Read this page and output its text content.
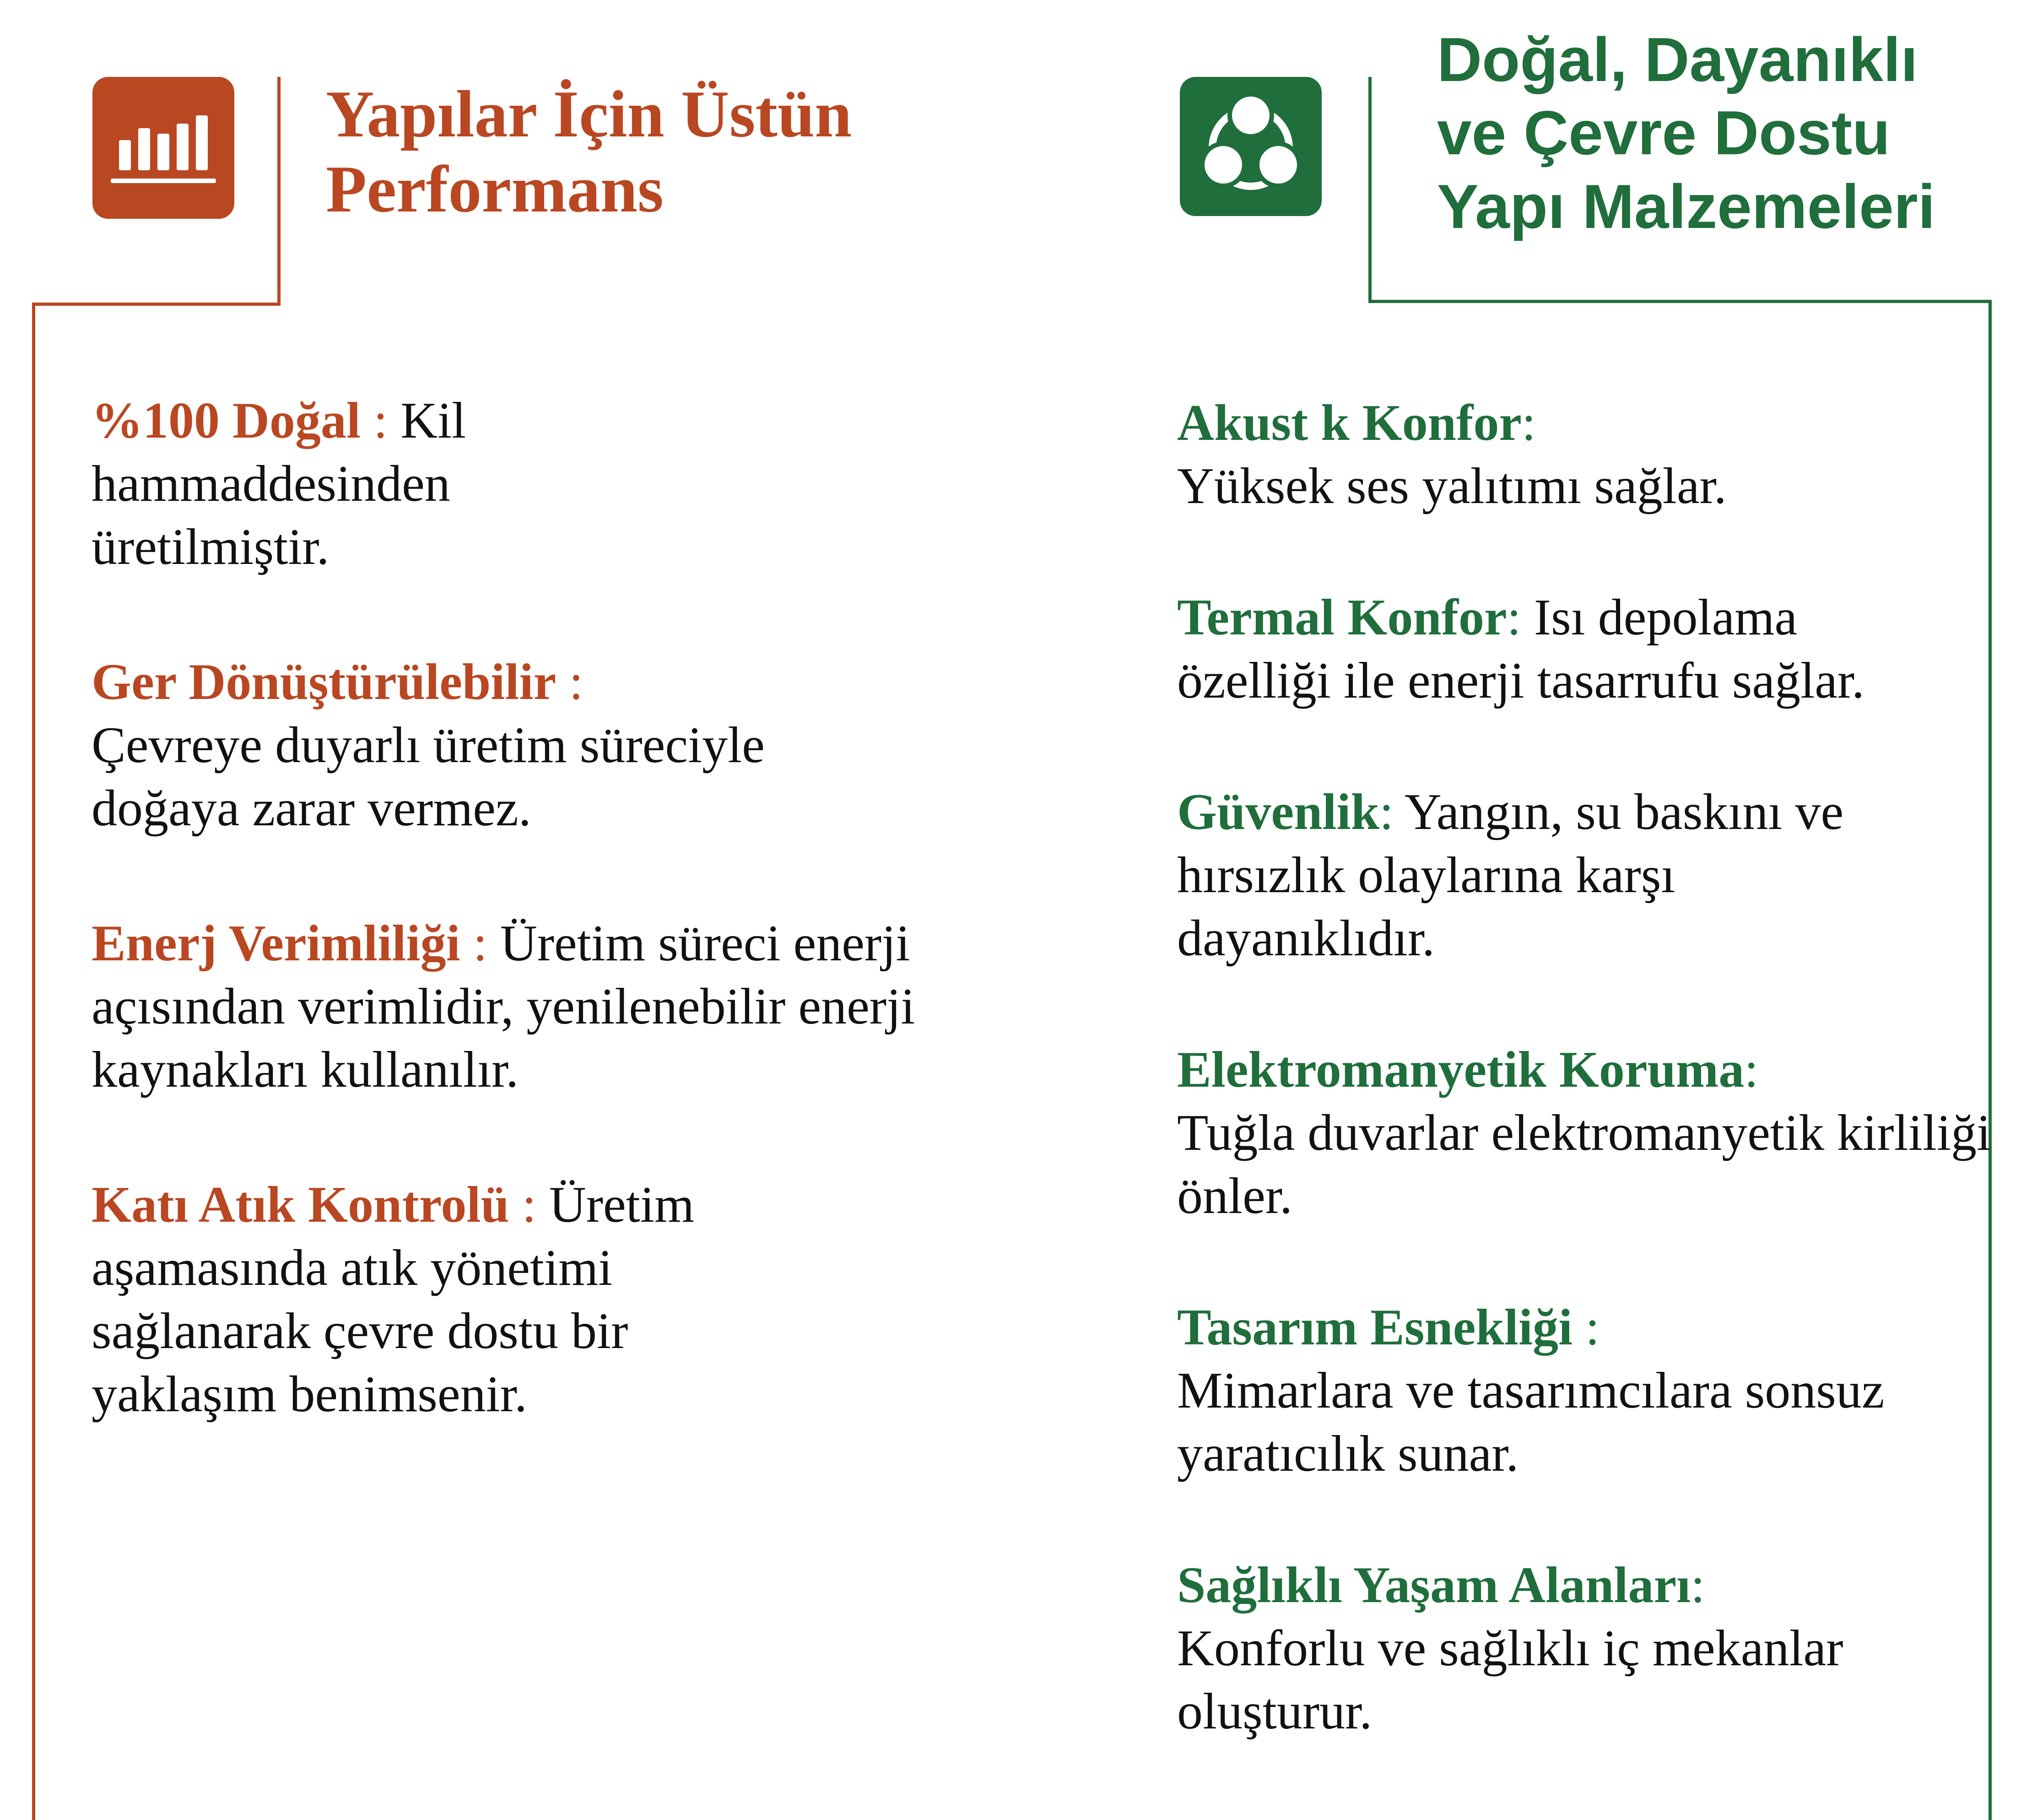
Yapılar İçin Üstün
Performans
Doğal, Dayanıklı
ve Çevre Dostu
Yapı Malzemeleri

%100 Doğal : Kil hammaddesinden üretilmiştir.

Ger Dönüştürülebilir :
Çevreye duyarlı üretim süreciyle doğaya zarar vermez.

Enerj Verimliliği : Üretim süreci enerji açısından verimlidir, yenilenebilir enerji kaynakları kullanılır.

Katı Atık Kontrolü : Üretim aşamasında atık yönetimi sağlanarak çevre dostu bir yaklaşım benimsenir.

Akust k Konfor:
Yüksek ses yalıtımı sağlar.

Termal Konfor: Isı depolama özelliği ile enerji tasarrufu sağlar.

Güvenlik: Yangın, su baskını ve hırsızlık olaylarına karşı dayanıklıdır.

Elektromanyetik Koruma:
Tuğla duvarlar elektromanyetik kirliliği önler.

Tasarım Esnekliği :
Mimarlara ve tasarımcılara sonsuz yaratıcılık sunar.

Sağlıklı Yaşam Alanları:
Konforlu ve sağlıklı iç mekanlar oluşturur.
